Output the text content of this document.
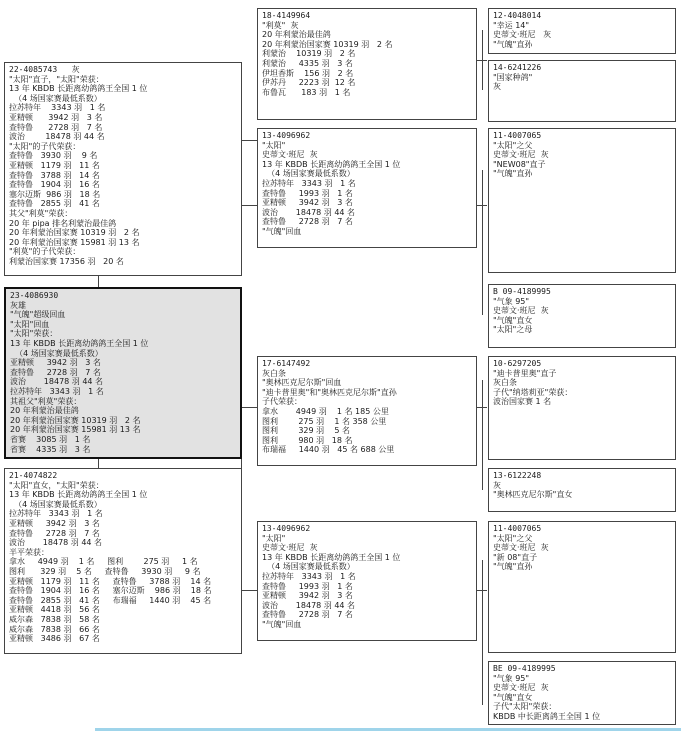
22-4085743   灰
"太阳"直子，"太阳"荣获：
13 年 KBDB 长距离幼鸽鸽王全国 1 位
（4 场国家赛最低系数）
拉苏特年    3343 羽   1 名
亚精顿      3942 羽   3 名
查特鲁      2728 羽   7 名
波治        18478 羽 44 名
"太阳"的子代荣获：
查特鲁   3930 羽    9 名
亚精顿   1179 羽   11 名
查特鲁   3788 羽   14 名
查特鲁   1904 羽   16 名
塞尔迈斯  986 羽   18 名
查特鲁   2855 羽   41 名
其父"利莫"荣获：
20 年 pipa 排名利蒙治最佳鸽
20 年利蒙治国家赛 10319 羽   2 名
20 年利蒙治国家赛 15981 羽 13 名
"利莫"的子代荣获：
利蒙治国家赛 17356 羽   20 名
23-4086930
灰雄
"气魄"超级回血
"太阳"回血
"太阳"荣获：
13 年 KBDB 长距离幼鸽鸽王全国 1 位
（4 场国家赛最低系数）
亚精顿     3942 羽   3 名
查特鲁     2728 羽   7 名
波治       18478 羽 44 名
拉苏特年   3343 羽   1 名
其祖父"利莫"荣获：
20 年利蒙治最佳鸽
20 年利蒙治国家赛 10319 羽   2 名
20 年利蒙治国家赛 15981 羽 13 名
省赛    3085 羽   1 名
省赛    4335 羽   3 名
21-4074822
"太阳"直女，"太阳"荣获：
13 年 KBDB 长距离幼鸽鸽王全国 1 位
（4 场国家赛最低系数）
拉苏特年   3343 羽   1 名
亚精顿     3942 羽   3 名
查特鲁     2728 羽   7 名
波治       18478 羽 44 名
半平荣获：
拿水     4949 羽    1 名     图利        275 羽     1 名
图利      329 羽    5 名     查特鲁     3930 羽     9 名
亚精顿   1179 羽   11 名     查特鲁     3788 羽    14 名
查特鲁   1904 羽   16 名     塞尔迈斯    986 羽    18 名
查特鲁   2855 羽   41 名     布瑞福     1440 羽    45 名
亚精顿   4418 羽   56 名
威尔森   7838 羽   58 名
威尔森   7838 羽   66 名
亚精顿   3486 羽   67 名
18-4149964
"利莫"  灰
20 年利蒙治最佳鸽
20 年利蒙治国家赛 10319 羽   2 名
利蒙治    10319 羽   2 名
利蒙治     4335 羽   3 名
伊坦香斯    156 羽   2 名
伊苏丹     2223 羽  12 名
布鲁瓦      183 羽   1 名
13-4096962
"太阳"
史蒂文·班尼  灰
13 年 KBDB 长距离幼鸽鸽王全国 1 位
（4 场国家赛最低系数）
拉苏特年   3343 羽   1 名
查特鲁     1993 羽   1 名
亚精顿     3942 羽   3 名
波治       18478 羽 44 名
查特鲁     2728 羽   7 名
"气魄"回血
17-6147492
灰白条
"奥林匹克尼尔斯"回血
"迪卡普里奥"和"奥林匹克尼尔斯"直孙
子代荣获：
拿水       4949 羽    1 名 185 公里
图利        275 羽    1 名 358 公里
图利        329 羽    5 名
图利        980 羽   18 名
布瑞福     1440 羽   45 名 688 公里
13-4096962
"太阳"
史蒂文·班尼  灰
13 年 KBDB 长距离幼鸽鸽王全国 1 位
（4 场国家赛最低系数）
拉苏特年   3343 羽   1 名
查特鲁     1993 羽   1 名
亚精顿     3942 羽   3 名
波治       18478 羽 44 名
查特鲁     2728 羽   7 名
"气魄"回血
12-4048014
"幸运 14"
史蒂文·班尼   灰
"气魄"直孙
14-6241226
"国家种鸽"
灰
11-4007065
"太阳"之父
史蒂文·班尼  灰
"NEW08"直子
"气魄"直孙
B 09-4189995
"气象 95"
史蒂文·班尼  灰
"气魄"直女
"太阳"之母
10-6297205
"迪卡普里奥"直子
灰白条
子代"纳塔莉亚"荣获：
波治国家赛 1 名
13-6122248
灰
"奥林匹克尼尔斯"直女
11-4007065
"太阳"之父
史蒂文·班尼  灰
"新 08"直子
"气魄"直孙
BE 09-4189995
"气象 95"
史蒂文·班尼  灰
"气魄"直女
子代"太阳"荣获：
KBDB 中长距离鸽王全国 1 位
